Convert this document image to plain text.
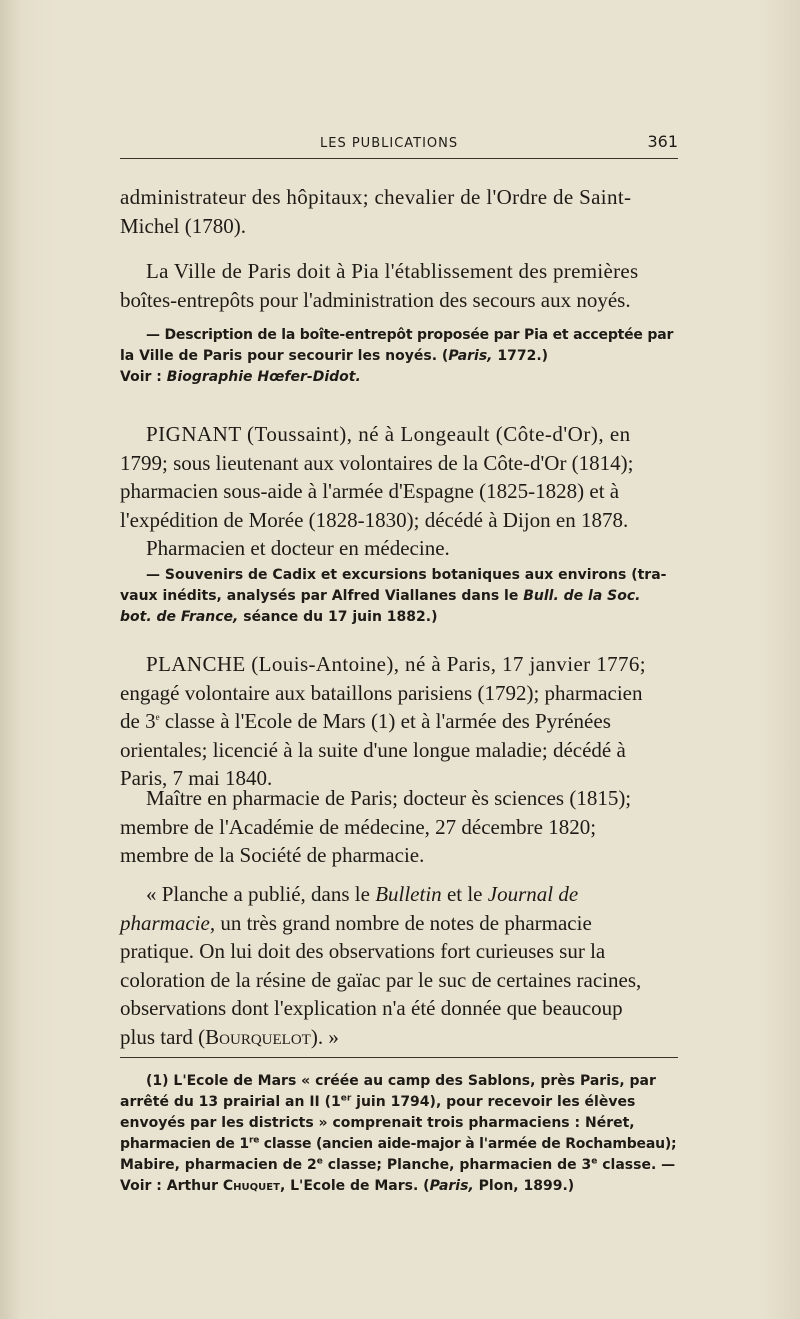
LES PUBLICATIONS	361
administrateur des hôpitaux; chevalier de l'Ordre de Saint-
Michel (1780).
La Ville de Paris doit à Pia l'établissement des premières
boîtes-entrepôts pour l'administration des secours aux noyés.
— Description de la boîte-entrepôt proposée par Pia et acceptée par
la Ville de Paris pour secourir les noyés. (Paris, 1772.)
Voir : Biographie Hœfer-Didot.
PIGNANT (Toussaint), né à Longeault (Côte-d'Or), en
1799; sous lieutenant aux volontaires de la Côte-d'Or (1814);
pharmacien sous-aide à l'armée d'Espagne (1825-1828) et à
l'expédition de Morée (1828-1830); décédé à Dijon en 1878.
Pharmacien et docteur en médecine.
— Souvenirs de Cadix et excursions botaniques aux environs (tra-
vaux inédits, analysés par Alfred Viallanes dans le Bull. de la Soc.
bot. de France, séance du 17 juin 1882.)
PLANCHE (Louis-Antoine), né à Paris, 17 janvier 1776;
engagé volontaire aux bataillons parisiens (1792); pharmacien
de 3e classe à l'Ecole de Mars (1) et à l'armée des Pyrénées
orientales; licencié à la suite d'une longue maladie; décédé à
Paris, 7 mai 1840.
Maître en pharmacie de Paris; docteur ès sciences (1815);
membre de l'Académie de médecine, 27 décembre 1820;
membre de la Société de pharmacie.
« Planche a publié, dans le Bulletin et le Journal de
pharmacie, un très grand nombre de notes de pharmacie
pratique. On lui doit des observations fort curieuses sur la
coloration de la résine de gaïac par le suc de certaines racines,
observations dont l'explication n'a été donnée que beaucoup
plus tard (Bourquelot). »
(1) L'Ecole de Mars « créée au camp des Sablons, près Paris, par
arrêté du 13 prairial an II (1er juin 1794), pour recevoir les élèves
envoyés par les districts » comprenait trois pharmaciens : Néret,
pharmacien de 1re classe (ancien aide-major à l'armée de Rochambeau);
Mabire, pharmacien de 2e classe; Planche, pharmacien de 3e classe. —
Voir : Arthur Chuquet, L'Ecole de Mars. (Paris, Plon, 1899.)
